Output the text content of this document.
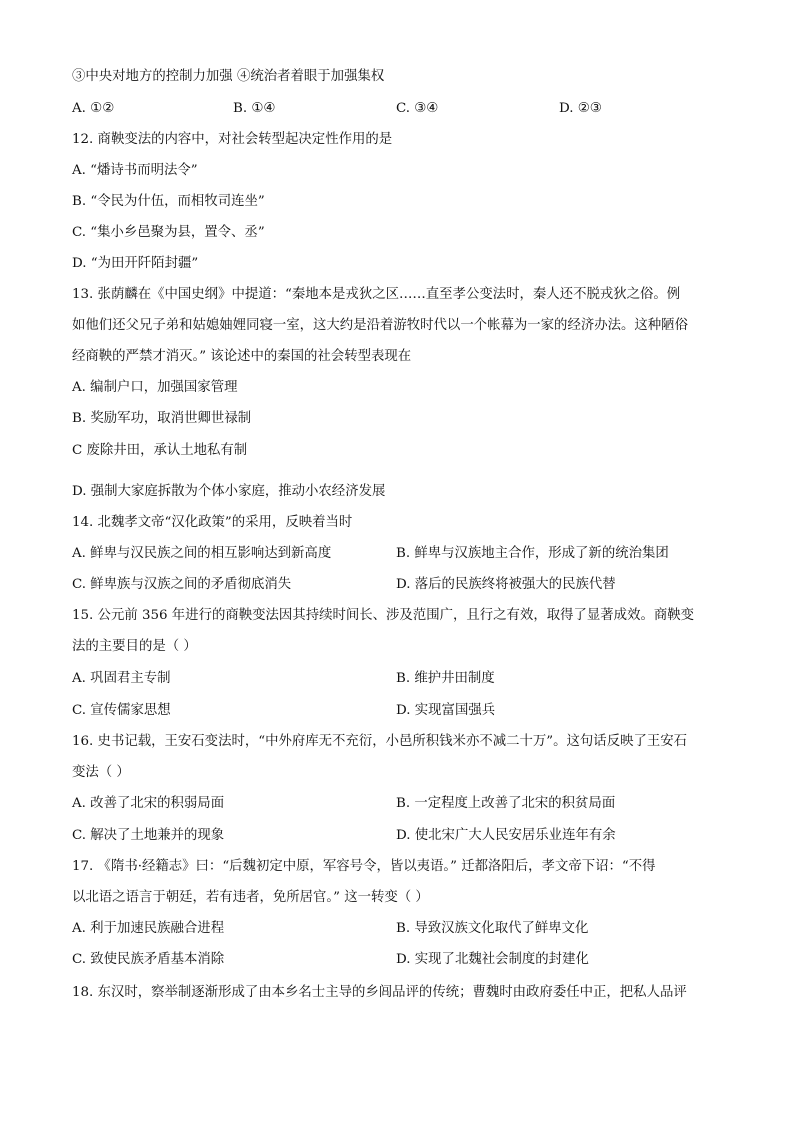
③中央对地方的控制力加强 ④统治者着眼于加强集权
A. ①②	B. ①④	C. ③④	D. ②③
12. 商鞅变法的内容中，对社会转型起决定性作用的是
A. “燔诗书而明法令”
B. “令民为什伍，而相牧司连坐”
C. “集小乡邑聚为县，置令、丞”
D. “为田开阡陌封疆”
13. 张荫麟在《中国史纲》中提道：“秦地本是戎狄之区……直至孝公变法时，秦人还不脱戎狄之俗。例
如他们还父兄子弟和姑媳妯娌同寝一室，这大约是沿着游牧时代以一个帐幕为一家的经济办法。这种陋俗
经商鞅的严禁才消灭。” 该论述中的秦国的社会转型表现在
A. 编制户口，加强国家管理
B. 奖励军功，取消世卿世禄制
C 废除井田，承认土地私有制
D. 强制大家庭拆散为个体小家庭，推动小农经济发展
14. 北魏孝文帝“汉化政策”的采用，反映着当时
A. 鲜卑与汉民族之间的相互影响达到新高度	B. 鲜卑与汉族地主合作，形成了新的统治集团
C. 鲜卑族与汉族之间的矛盾彻底消失	D. 落后的民族终将被强大的民族代替
15. 公元前 356 年进行的商鞅变法因其持续时间长、涉及范围广，且行之有效，取得了显著成效。商鞅变
法的主要目的是（ ）
A. 巩固君主专制	B. 维护井田制度
C. 宣传儒家思想	D. 实现富国强兵
16. 史书记载，王安石变法时，“中外府库无不充衍，小邑所积钱米亦不减二十万”。这句话反映了王安石
变法（ ）
A. 改善了北宋的积弱局面	B. 一定程度上改善了北宋的积贫局面
C. 解决了土地兼并的现象	D. 使北宋广大人民安居乐业连年有余
17. 《隋书·经籍志》曰：“后魏初定中原，军容号令，皆以夷语。” 迁都洛阳后，孝文帝下诏：“不得
以北语之语言于朝廷，若有违者，免所居官。” 这一转变（ ）
A. 利于加速民族融合进程	B. 导致汉族文化取代了鲜卑文化
C. 致使民族矛盾基本消除	D. 实现了北魏社会制度的封建化
18. 东汉时，察举制逐渐形成了由本乡名士主导的乡闾品评的传统；曹魏时由政府委任中正，把私人品评
